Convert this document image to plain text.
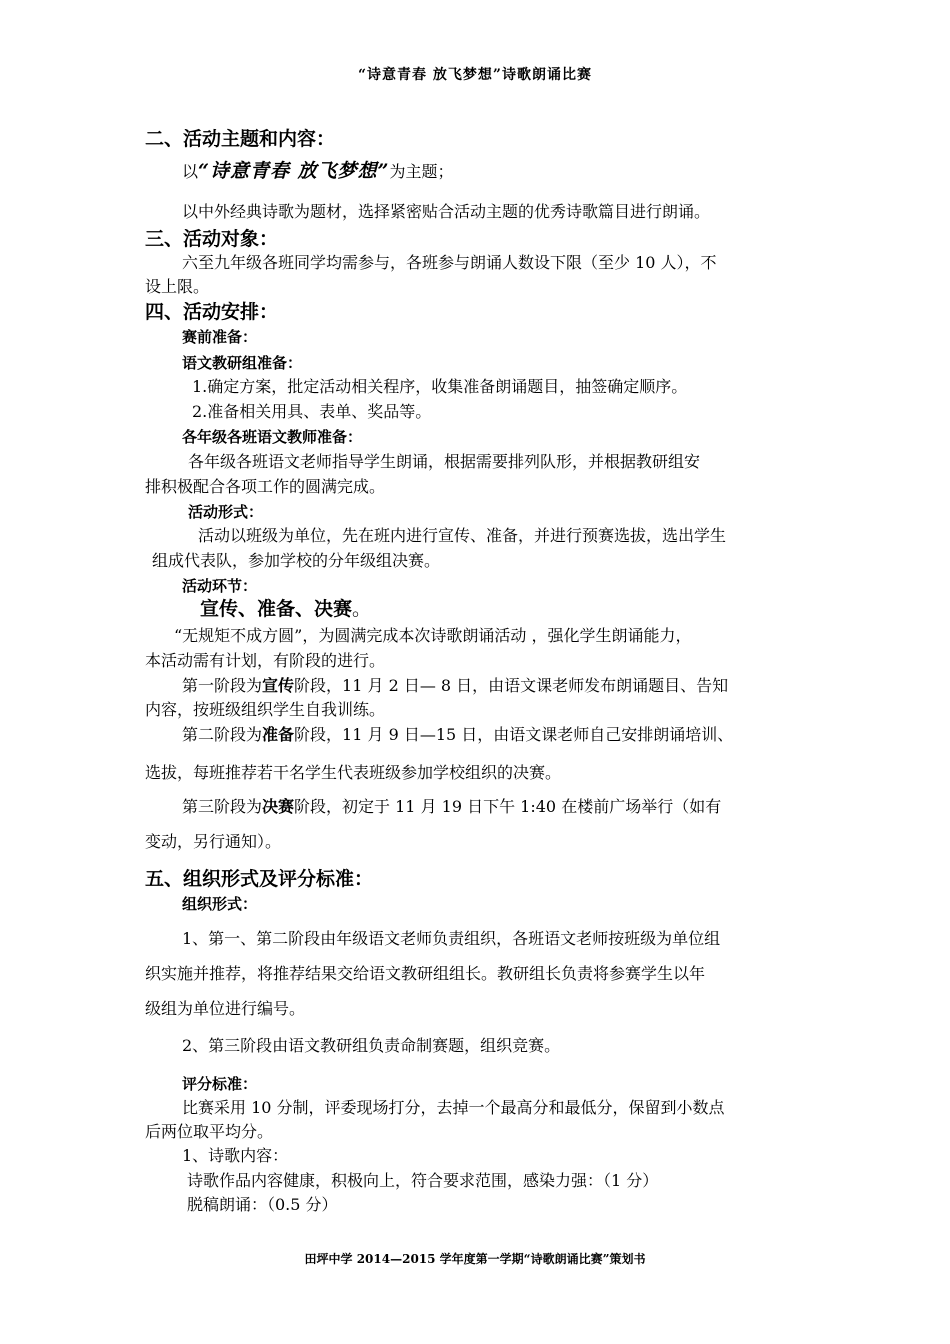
“诗意青春 放飞梦想”诗歌朗诵比赛
二、活动主题和内容：
以“诗意青春 放飞梦想”为主题；
以中外经典诗歌为题材，选择紧密贴合活动主题的优秀诗歌篇目进行朗诵。
三、活动对象：
六至九年级各班同学均需参与，各班参与朗诵人数设下限（至少 10 人），不
设上限。
四、活动安排：
赛前准备：
语文教研组准备：
1.确定方案，批定活动相关程序，收集准备朗诵题目，抽签确定顺序。
2.准备相关用具、表单、奖品等。
各年级各班语文教师准备：
各年级各班语文老师指导学生朗诵，根据需要排列队形，并根据教研组安
排积极配合各项工作的圆满完成。
活动形式：
活动以班级为单位，先在班内进行宣传、准备，并进行预赛选拔，选出学生
组成代表队，参加学校的分年级组决赛。
活动环节：
宣传、准备、决赛。
“无规矩不成方圆”，为圆满完成本次诗歌朗诵活动 ，强化学生朗诵能力，
本活动需有计划，有阶段的进行。
第一阶段为宣传阶段，11 月 2 日— 8 日，由语文课老师发布朗诵题目、告知
内容，按班级组织学生自我训练。
第二阶段为准备阶段，11 月 9 日—15 日，由语文课老师自己安排朗诵培训、
选拔，每班推荐若干名学生代表班级参加学校组织的决赛。
第三阶段为决赛阶段，初定于 11 月 19 日下午 1:40 在楼前广场举行（如有
变动，另行通知）。
五、组织形式及评分标准：
组织形式：
1、第一、第二阶段由年级语文老师负责组织，各班语文老师按班级为单位组
织实施并推荐，将推荐结果交给语文教研组组长。教研组长负责将参赛学生以年
级组为单位进行编号。
2、第三阶段由语文教研组负责命制赛题，组织竞赛。
评分标准：
比赛采用 10 分制，评委现场打分，去掉一个最高分和最低分，保留到小数点
后两位取平均分。
1、诗歌内容：
诗歌作品内容健康，积极向上，符合要求范围，感染力强：（1 分）
脱稿朗诵：（0.5 分）
田坪中学 2014—2015 学年度第一学期“诗歌朗诵比赛”策划书
